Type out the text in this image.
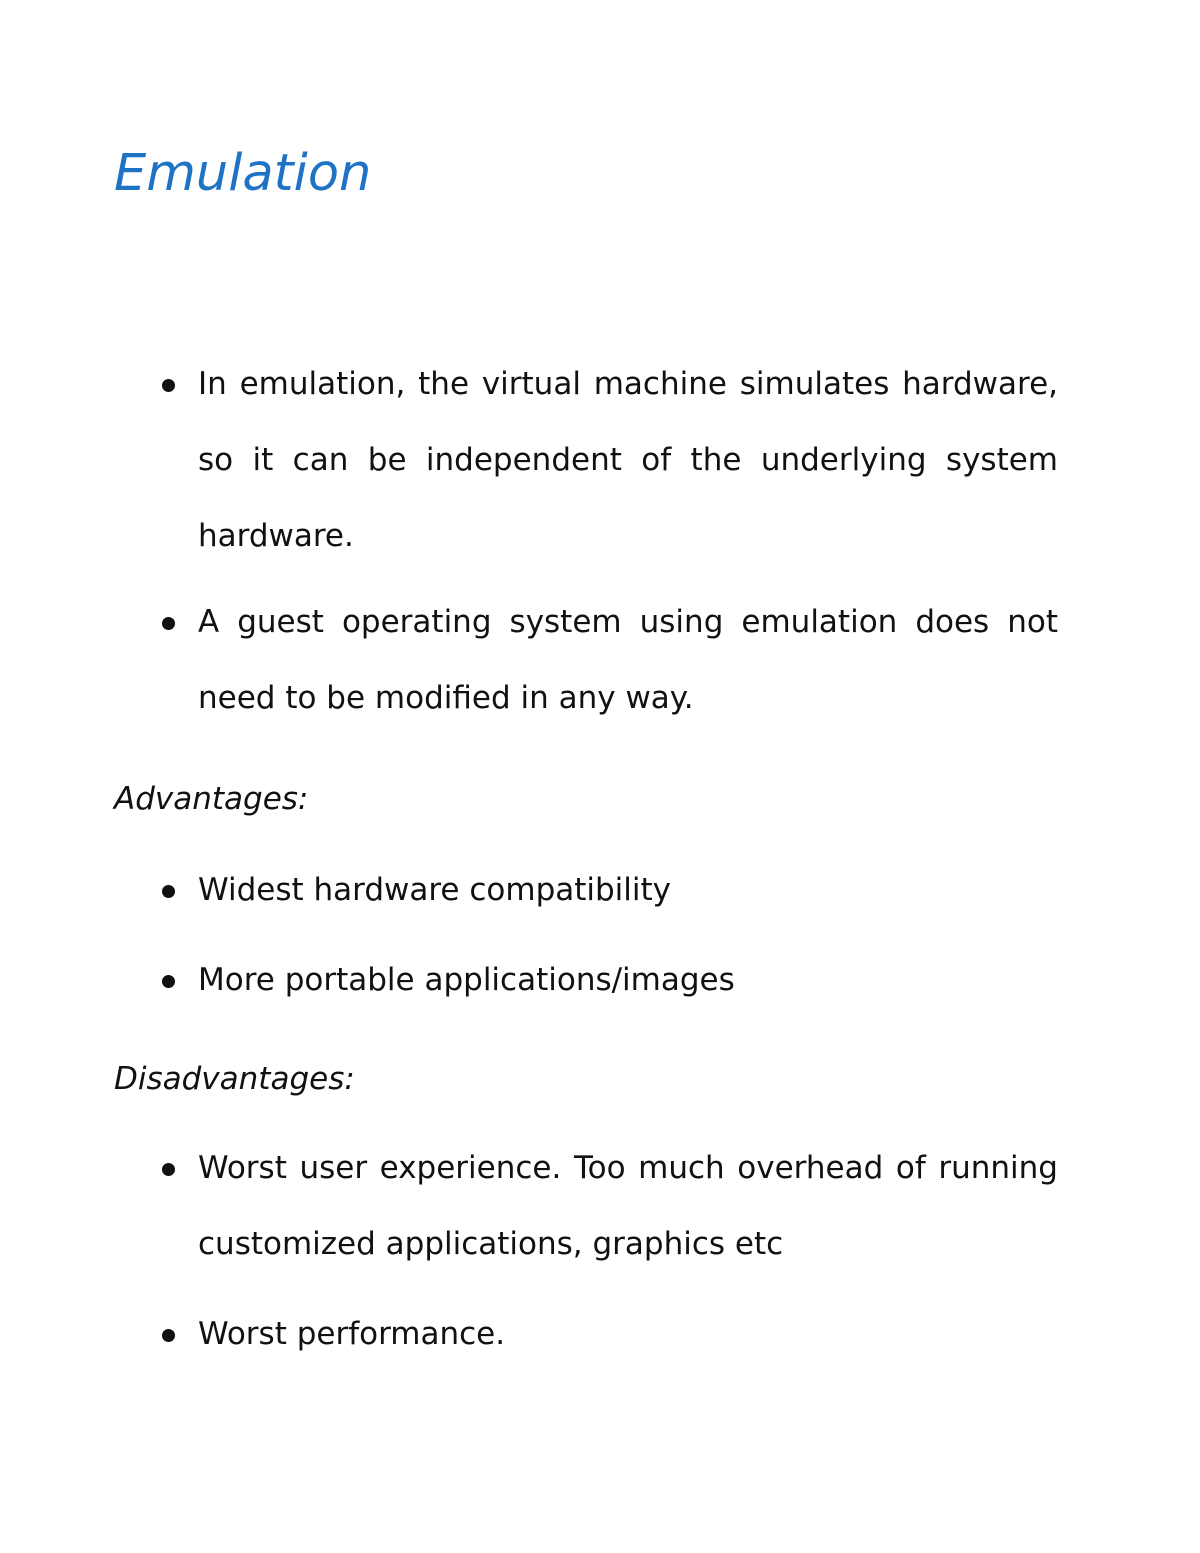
Emulation
In emulation, the virtual machine simulates hardware, so it can be independent of the underlying system hardware.
A guest operating system using emulation does not need to be modified in any way.
Advantages:
Widest hardware compatibility
More portable applications/images
Disadvantages:
Worst user experience. Too much overhead of running customized applications, graphics etc
Worst performance.
